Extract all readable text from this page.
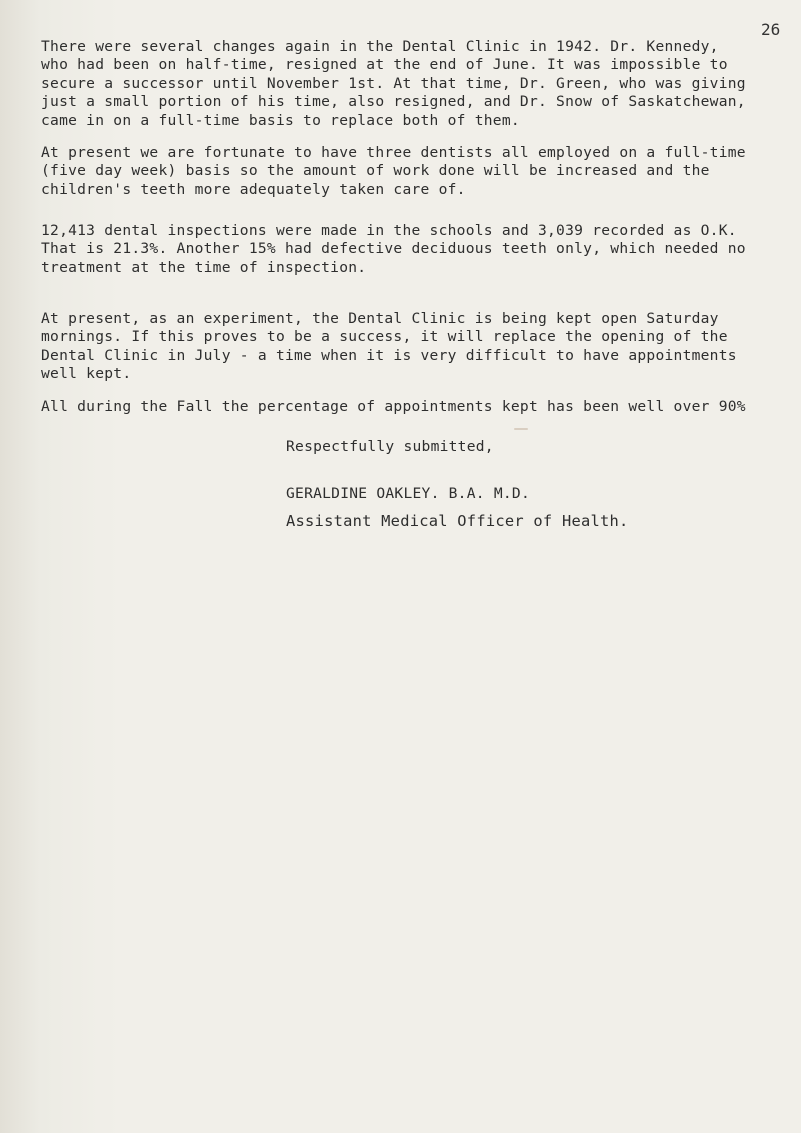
26
There were several changes again in the Dental Clinic in 1942. Dr. Kennedy,
who had been on half-time, resigned at the end of June. It was impossible to
secure a successor until November 1st. At that time, Dr. Green, who was giving
just a small portion of his time, also resigned, and Dr. Snow of Saskatchewan,
came in on a full-time basis to replace both of them.
At present we are fortunate to have three dentists all employed on a full-time
(five day week) basis so the amount of work done will be increased and the
children's teeth more adequately taken care of.
12,413 dental inspections were made in the schools and 3,039 recorded as O.K.
That is 21.3%. Another 15% had defective deciduous teeth only, which needed no
treatment at the time of inspection.
At present, as an experiment, the Dental Clinic is being kept open Saturday
mornings. If this proves to be a success, it will replace the opening of the
Dental Clinic in July - a time when it is very difficult to have appointments
well kept.
All during the Fall the percentage of appointments kept has been well over 90%
Respectfully submitted,
GERALDINE OAKLEY. B.A. M.D.
Assistant Medical Officer of Health.
